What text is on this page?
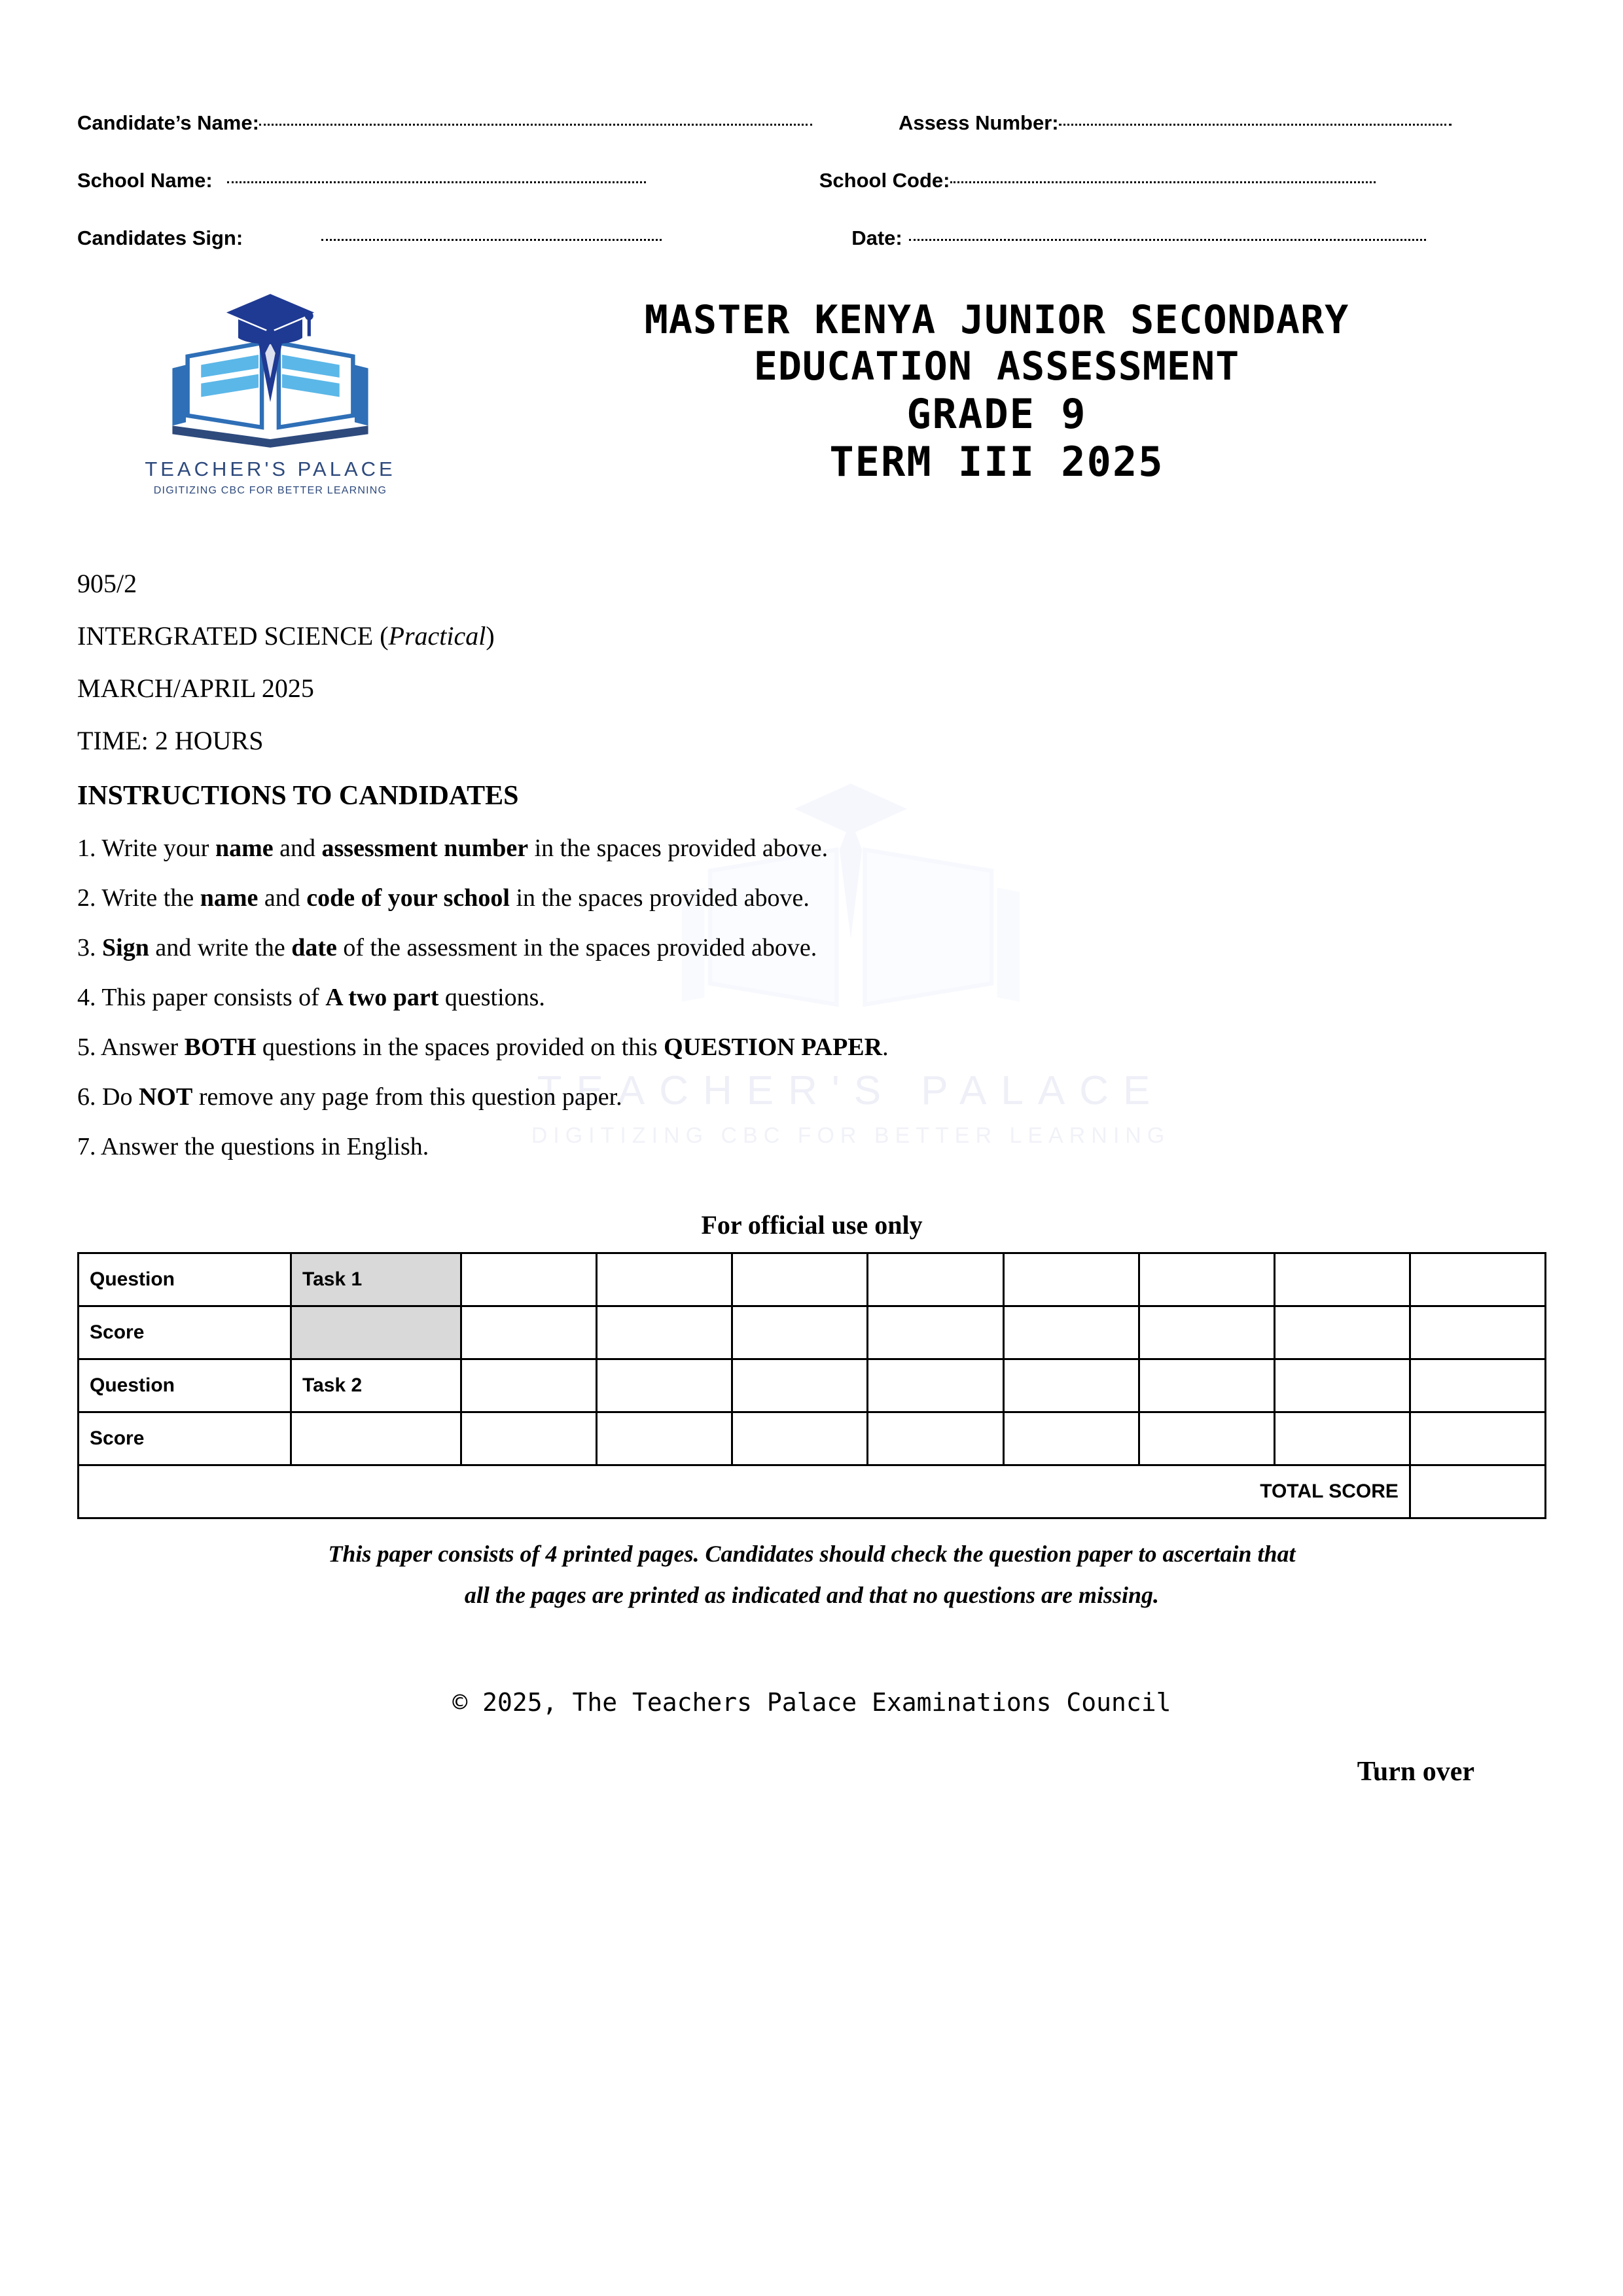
TEACHER'S PALACE
DIGITIZING CBC FOR BETTER LEARNING
Candidate’s Name:	Assess Number:
School Name:	School Code:
Candidates Sign:	Date:
TEACHER'S PALACE
DIGITIZING CBC FOR BETTER LEARNING
MASTER KENYA JUNIOR SECONDARY
EDUCATION ASSESSMENT
GRADE 9
TERM III 2025
905/2
INTERGRATED SCIENCE (Practical)
MARCH/APRIL 2025
TIME: 2 HOURS
INSTRUCTIONS TO CANDIDATES
1. Write your name and assessment number in the spaces provided above.
2. Write the name and code of your school in the spaces provided above.
3. Sign and write the date of the assessment in the spaces provided above.
4. This paper consists of A two part questions.
5. Answer BOTH questions in the spaces provided on this QUESTION PAPER.
6. Do NOT remove any page from this question paper.
7. Answer the questions in English.
For official use only
Question	Task 1								
Score									
Question	Task 2								
Score									
TOTAL SCORE									
This paper consists of 4 printed pages. Candidates should check the question paper to ascertain that
all the pages are printed as indicated and that no questions are missing.
© 2025, The Teachers Palace Examinations Council
Turn over
